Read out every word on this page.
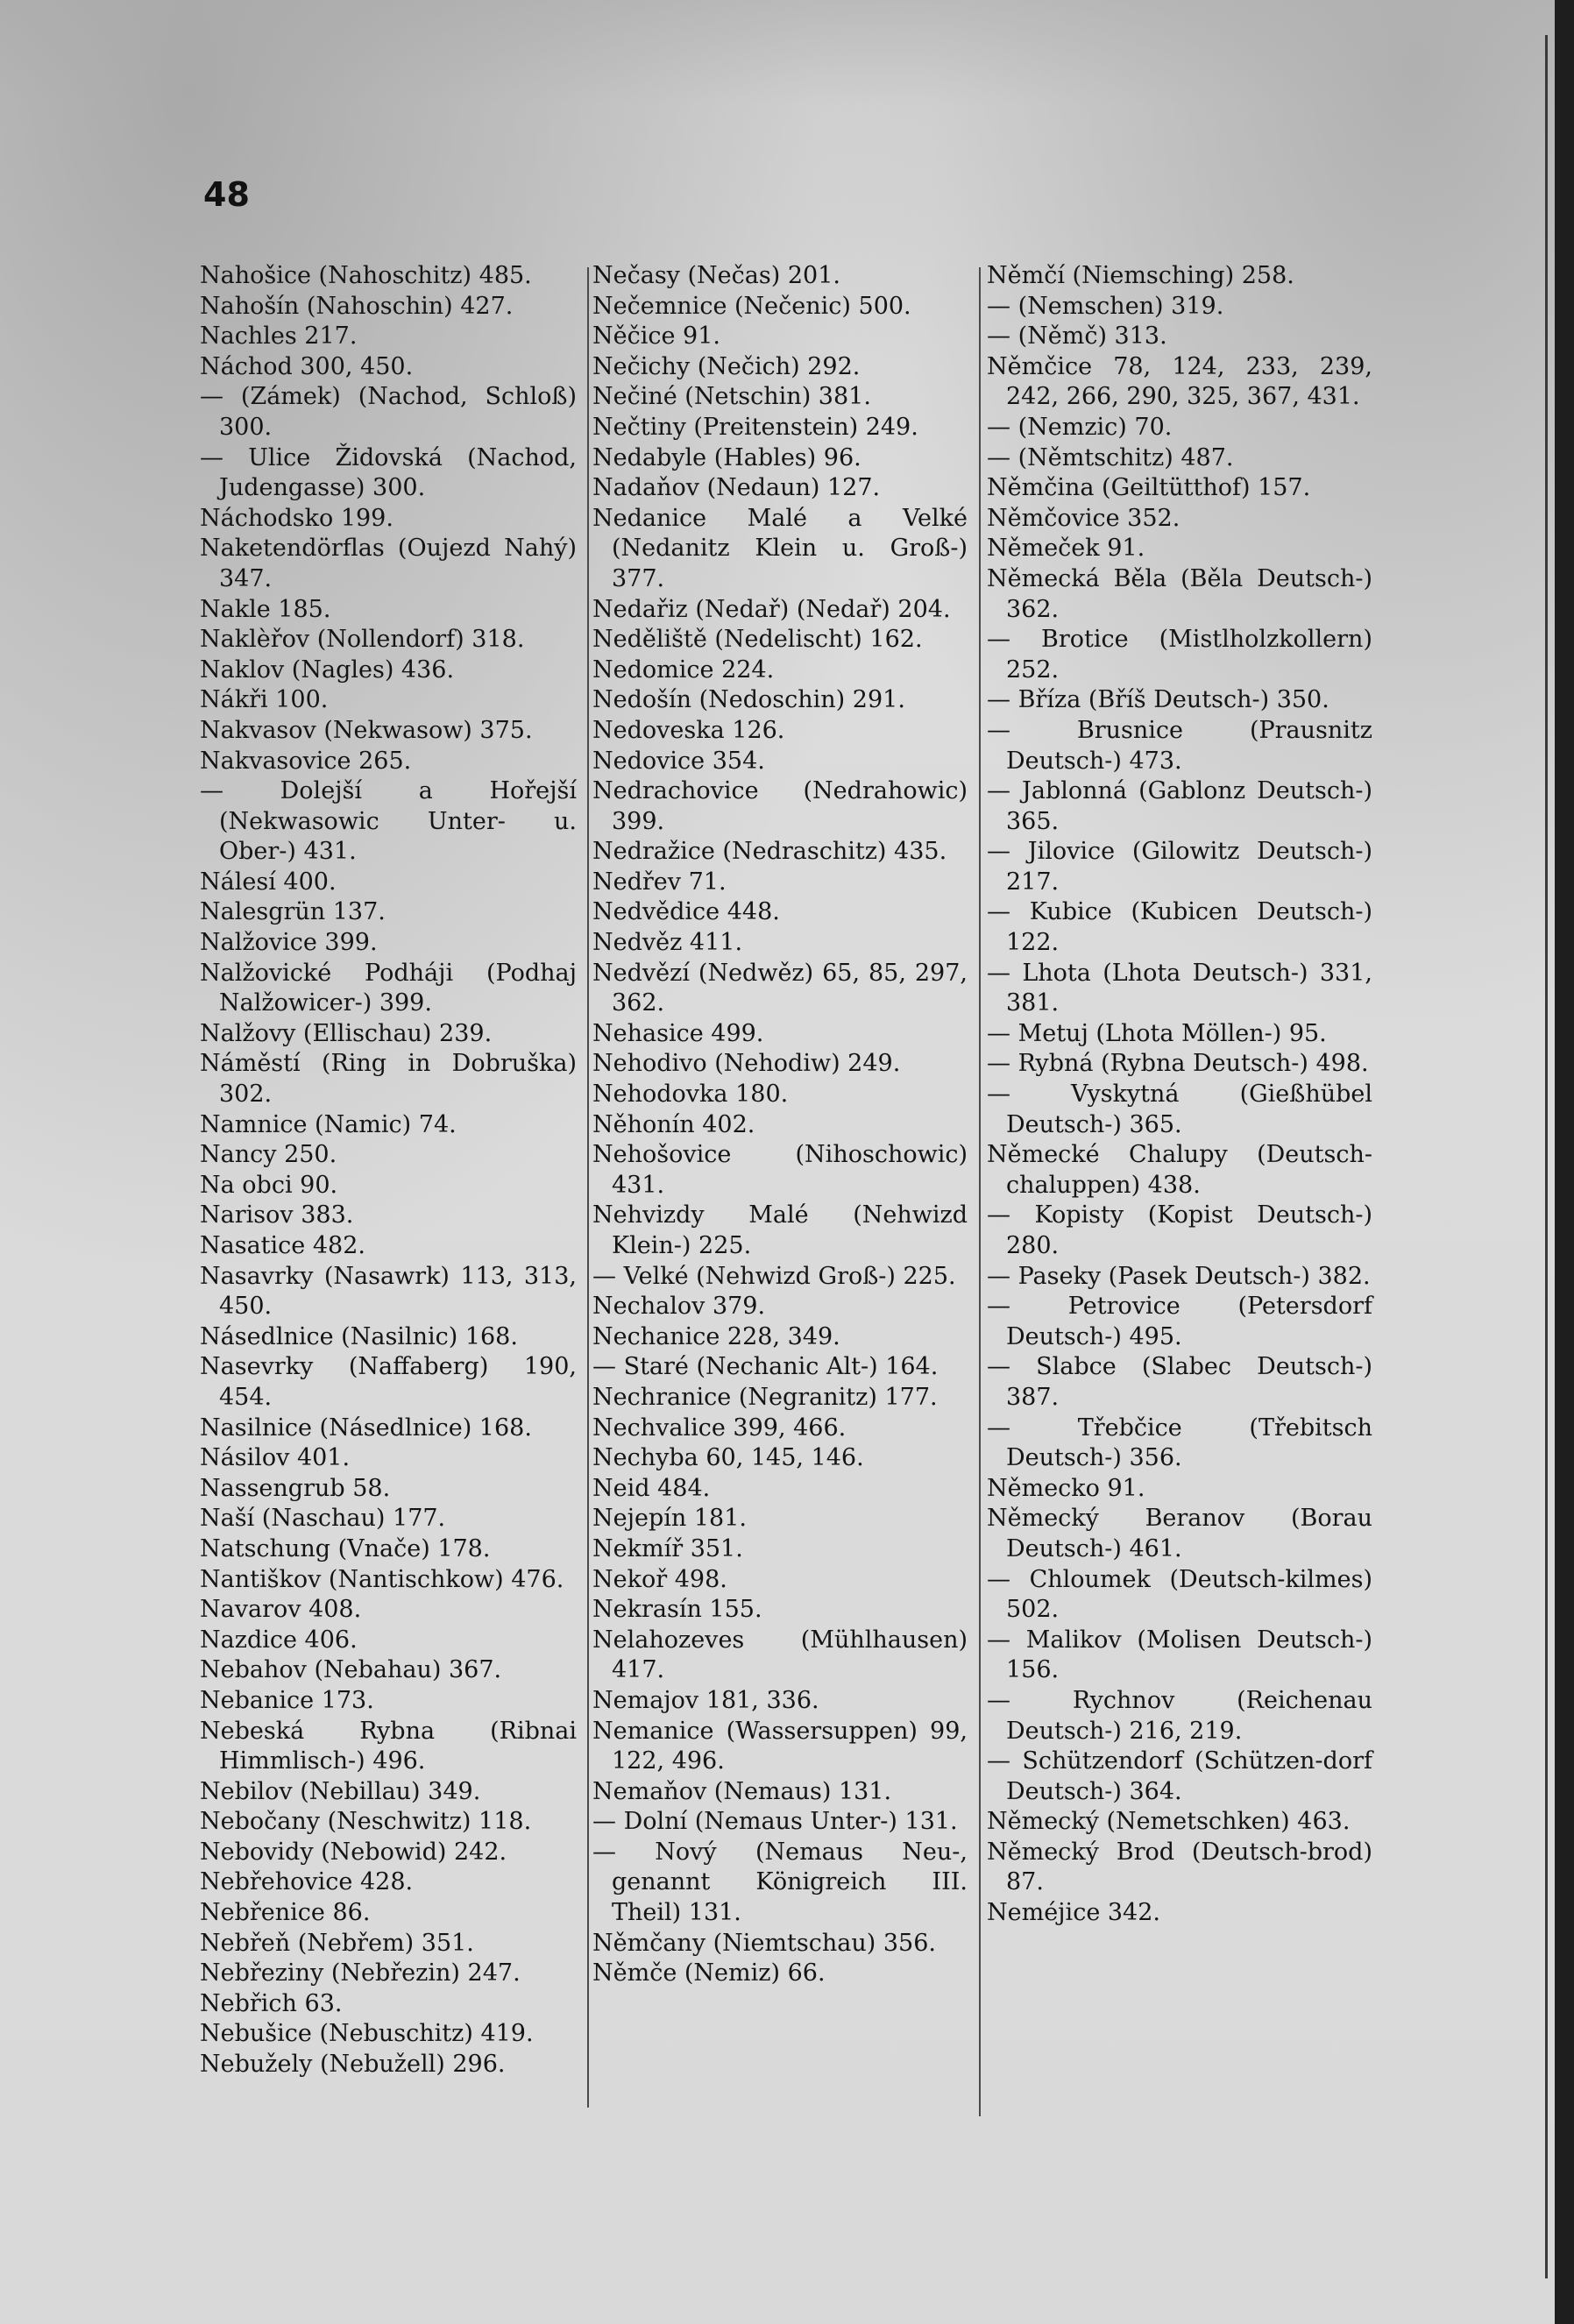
48
Nahošice (Nahoschitz) 485.
Nahošín (Nahoschin) 427.
Nachles 217.
Náchod 300, 450.
— (Zámek) (Nachod, Schloß) 300.
— Ulice Židovská (Nachod, Judengasse) 300.
Náchodsko 199.
Naketendörflas (Oujezd Nahý) 347.
Nakle 185.
Naklèřov (Nollendorf) 318.
Naklov (Nagles) 436.
Nákři 100.
Nakvasov (Nekwasow) 375.
Nakvasovice 265.
— Dolejší a Hořejší (Nekwasowic Unter- u. Ober-) 431.
Nálesí 400.
Nalesgrün 137.
Nalžovice 399.
Nalžovické Podháji (Podhaj Nalžowicer-) 399.
Nalžovy (Ellischau) 239.
Náměstí (Ring in Dobruška) 302.
Namnice (Namic) 74.
Nancy 250.
Na obci 90.
Narisov 383.
Nasatice 482.
Nasavrky (Nasawrk) 113, 313, 450.
Násedlnice (Nasilnic) 168.
Nasevrky (Naffaberg) 190, 454.
Nasilnice (Násedlnice) 168.
Násilov 401.
Nassengrub 58.
Naší (Naschau) 177.
Natschung (Vnače) 178.
Nantiškov (Nantischkow) 476.
Navarov 408.
Nazdice 406.
Nebahov (Nebahau) 367.
Nebanice 173.
Nebeská Rybna (Ribnai Himmlisch-) 496.
Nebilov (Nebillau) 349.
Nebočany (Neschwitz) 118.
Nebovidy (Nebowid) 242.
Nebřehovice 428.
Nebřenice 86.
Nebřeň (Nebřem) 351.
Nebřeziny (Nebřezin) 247.
Nebřich 63.
Nebušice (Nebuschitz) 419.
Nebužely (Nebužell) 296.
Nečasy (Nečas) 201.
Nečemnice (Nečenic) 500.
Něčice 91.
Nečichy (Nečich) 292.
Nečiné (Netschin) 381.
Nečtiny (Preitenstein) 249.
Nedabyle (Hables) 96.
Nadaňov (Nedaun) 127.
Nedanice Malé a Velké (Nedanitz Klein u. Groß-) 377.
Nedařiz (Nedař) (Nedař) 204.
Neděliště (Nedelischt) 162.
Nedomice 224.
Nedošín (Nedoschin) 291.
Nedoveska 126.
Nedovice 354.
Nedrachovice (Nedrahowic) 399.
Nedražice (Nedraschitz) 435.
Nedřev 71.
Nedvědice 448.
Nedvěz 411.
Nedvězí (Nedwěz) 65, 85, 297, 362.
Nehasice 499.
Nehodivo (Nehodiw) 249.
Nehodovka 180.
Něhonín 402.
Nehošovice (Nihoschowic) 431.
Nehvizdy Malé (Nehwizd Klein-) 225.
— Velké (Nehwizd Groß-) 225.
Nechalov 379.
Nechanice 228, 349.
— Staré (Nechanic Alt-) 164.
Nechranice (Negranitz) 177.
Nechvalice 399, 466.
Nechyba 60, 145, 146.
Neid 484.
Nejepín 181.
Nekmíř 351.
Nekoř 498.
Nekrasín 155.
Nelahozeves (Mühlhausen) 417.
Nemajov 181, 336.
Nemanice (Wassersuppen) 99, 122, 496.
Nemaňov (Nemaus) 131.
— Dolní (Nemaus Unter-) 131.
— Nový (Nemaus Neu-, genannt Königreich III. Theil) 131.
Němčany (Niemtschau) 356.
Němče (Nemiz) 66.
Němčí (Niemsching) 258.
— (Nemschen) 319.
— (Němč) 313.
Němčice 78, 124, 233, 239, 242, 266, 290, 325, 367, 431.
— (Nemzic) 70.
— (Němtschitz) 487.
Němčina (Geiltütthof) 157.
Němčovice 352.
Němeček 91.
Německá Běla (Běla Deutsch-) 362.
— Brotice (Mistlholzkollern) 252.
— Bříza (Bříš Deutsch-) 350.
— Brusnice (Prausnitz Deutsch-) 473.
— Jablonná (Gablonz Deutsch-) 365.
— Jilovice (Gilowitz Deutsch-) 217.
— Kubice (Kubicen Deutsch-) 122.
— Lhota (Lhota Deutsch-) 331, 381.
— Metuj (Lhota Möllen-) 95.
— Rybná (Rybna Deutsch-) 498.
— Vyskytná (Gießhübel Deutsch-) 365.
Německé Chalupy (Deutsch-chaluppen) 438.
— Kopisty (Kopist Deutsch-) 280.
— Paseky (Pasek Deutsch-) 382.
— Petrovice (Petersdorf Deutsch-) 495.
— Slabce (Slabec Deutsch-) 387.
— Třebčice (Třebitsch Deutsch-) 356.
Německo 91.
Německý Beranov (Borau Deutsch-) 461.
— Chloumek (Deutsch-kilmes) 502.
— Malikov (Molisen Deutsch-) 156.
— Rychnov (Reichenau Deutsch-) 216, 219.
— Schützendorf (Schützen-dorf Deutsch-) 364.
Německý (Nemetschken) 463.
Německý Brod (Deutsch-brod) 87.
Neméjice 342.
